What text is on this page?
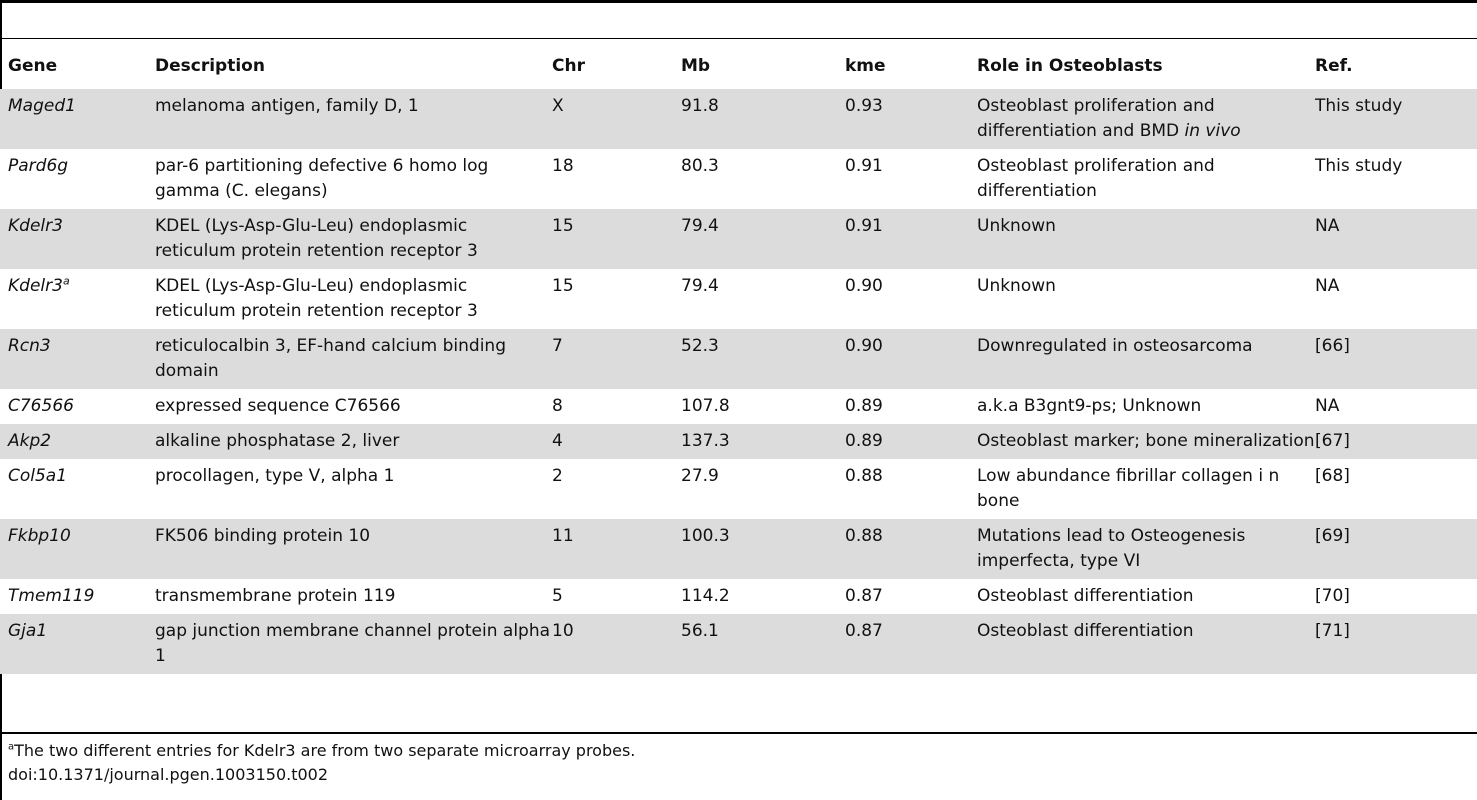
Gene	Description	Chr	Mb	kme	Role in Osteoblasts	Ref.
Maged1	melanoma antigen, family D, 1	X	91.8	0.93	Osteoblast proliferation and differentiation and BMD in vivo	This study
Pard6g	par-6 partitioning defective 6 homo log gamma (C. elegans)	18	80.3	0.91	Osteoblast proliferation and differentiation	This study
Kdelr3	KDEL (Lys-Asp-Glu-Leu) endoplasmic reticulum protein retention receptor 3	15	79.4	0.91	Unknown	NA
Kdelr3$^a$	KDEL (Lys-Asp-Glu-Leu) endoplasmic reticulum protein retention receptor 3	15	79.4	0.90	Unknown	NA
Rcn3	reticulocalbin 3, EF-hand calcium binding domain	7	52.3	0.90	Downregulated in osteosarcoma	[66]
C76566	expressed sequence C76566	8	107.8	0.89	a.k.a B3gnt9-ps; Unknown	NA
Akp2	alkaline phosphatase 2, liver	4	137.3	0.89	Osteoblast marker; bone mineralization	[67]
Col5a1	procollagen, type V, alpha 1	2	27.9	0.88	Low abundance fibrillar collagen i n bone	[68]
Fkbp10	FK506 binding protein 10	11	100.3	0.88	Mutations lead to Osteogenesis imperfecta, type VI	[69]
Tmem119	transmembrane protein 119	5	114.2	0.87	Osteoblast differentiation	[70]
Gja1	gap junction membrane channel protein alpha 1	10	56.1	0.87	Osteoblast differentiation	[71]
$^a$The two different entries for Kdelr3 are from two separate microarray probes.
doi:10.1371/journal.pgen.1003150.t002
